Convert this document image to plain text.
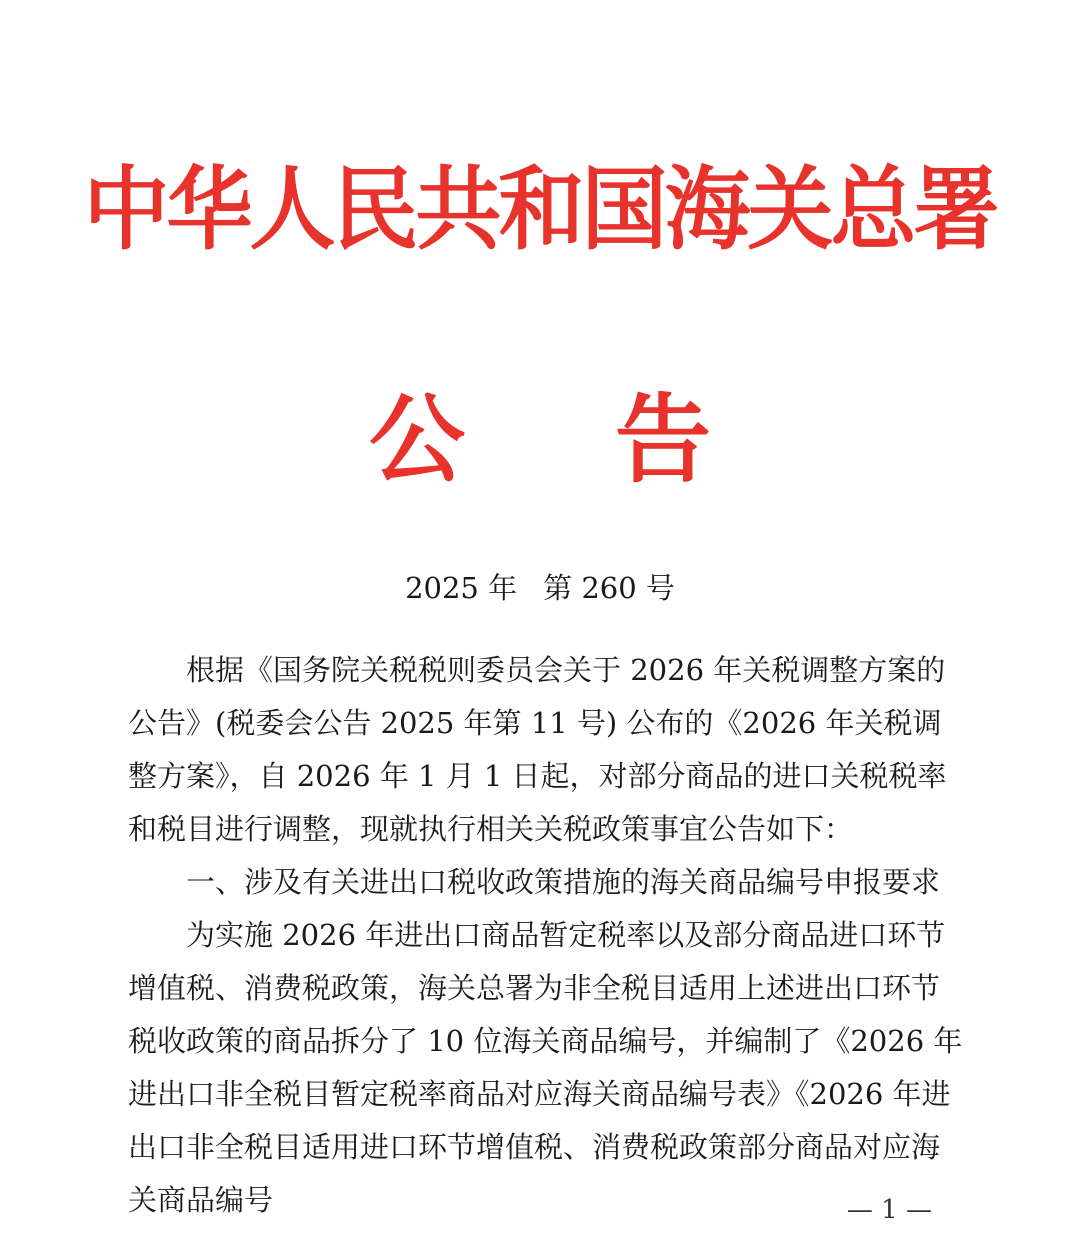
中华人民共和国海关总署
公 告
2025 年 第 260 号

根据《国务院关税税则委员会关于 2026 年关税调整方案的公告》(税委会公告 2025 年第 11 号) 公布的《2026 年关税调整方案》，自 2026 年 1 月 1 日起，对部分商品的进口关税税率和税目进行调整，现就执行相关关税政策事宜公告如下：

一、涉及有关进出口税收政策措施的海关商品编号申报要求

为实施 2026 年进出口商品暂定税率以及部分商品进口环节增值税、消费税政策，海关总署为非全税目适用上述进出口环节税收政策的商品拆分了 10 位海关商品编号，并编制了《2026 年进出口非全税目暂定税率商品对应海关商品编号表》《2026 年进出口非全税目适用进口环节增值税、消费税政策部分商品对应海关商品编号	— 1 —
